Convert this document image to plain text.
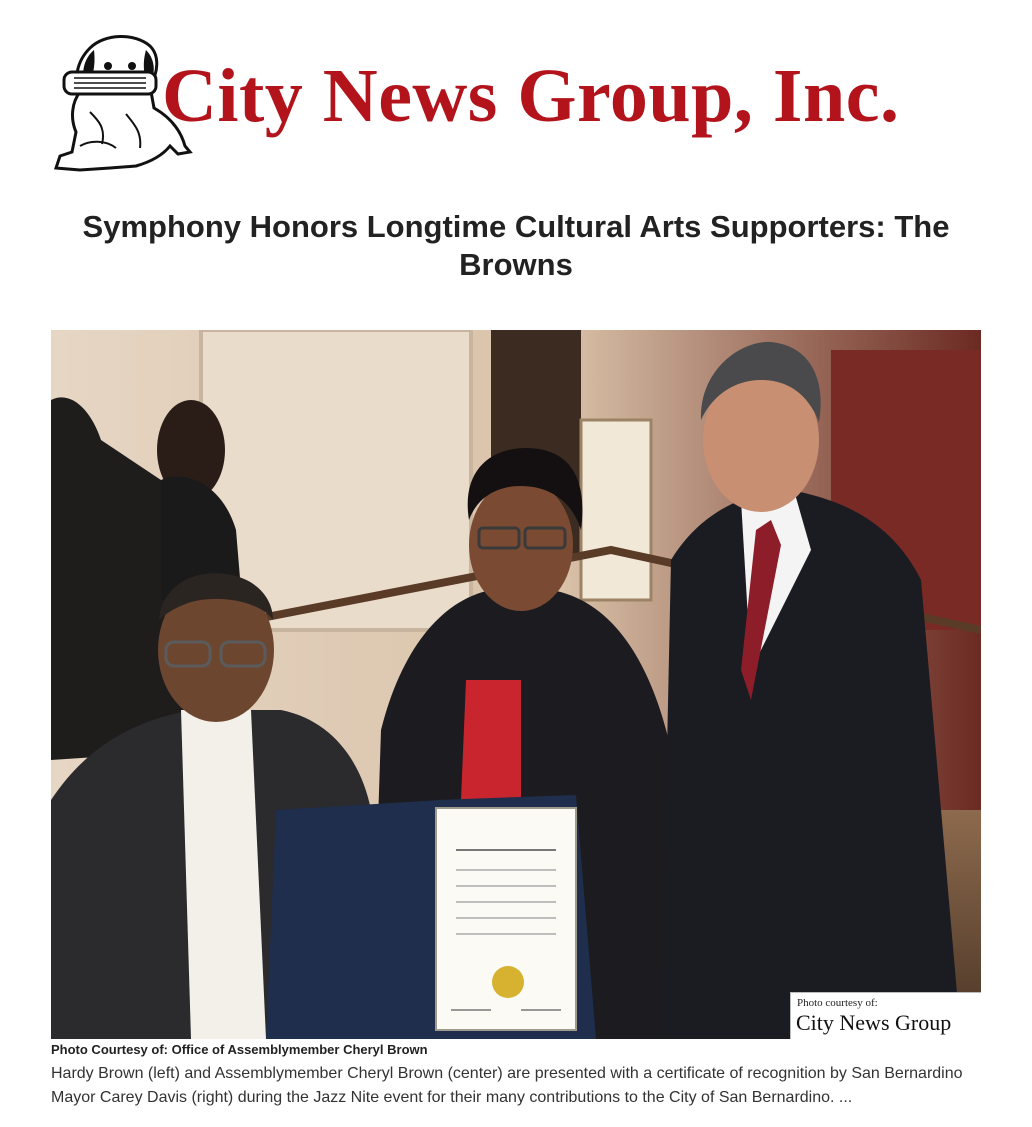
City News Group, Inc.
Symphony Honors Longtime Cultural Arts Supporters: The Browns
Photo courtesy of:
City News Group
Photo Courtesy of: Office of Assemblymember Cheryl Brown

Hardy Brown (left) and Assemblymember Cheryl Brown (center) are presented with a certificate of recognition by San Bernardino Mayor Carey Davis (right) during the Jazz Nite event for their many contributions to the City of San Bernardino. ...
